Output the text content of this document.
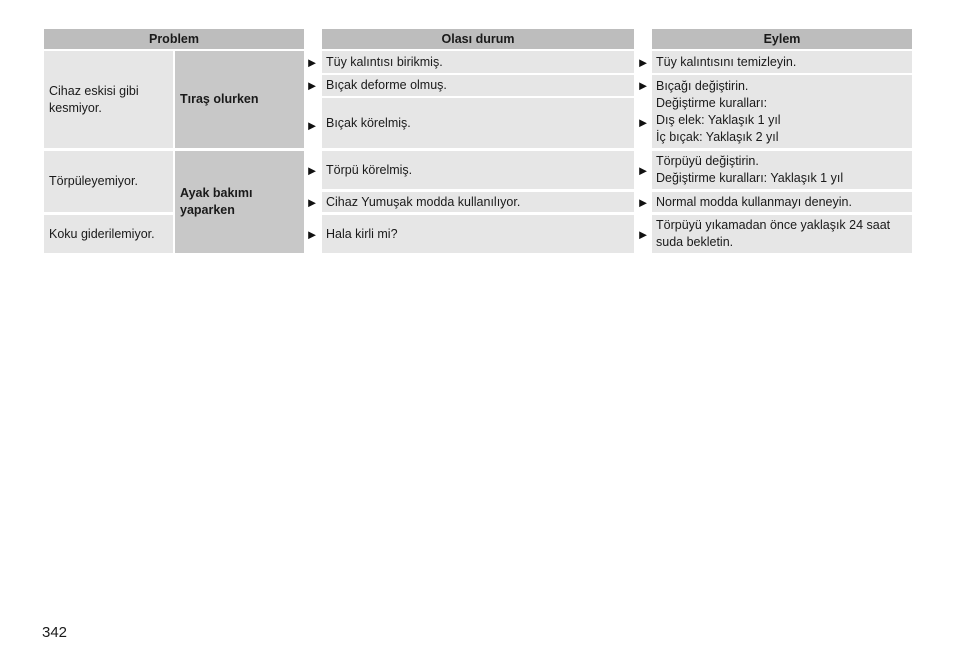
Problem	Olası durum	Eylem
Cihaz eskisi gibi kesmiyor.
Törpüleyemiyor.
Koku giderilemiyor.
Tıraş olurken
Ayak bakımı yaparken
►
►
►
►
►
►
Tüy kalıntısı birikmiş.
Bıçak deforme olmuş.
Bıçak körelmiş.
Törpü körelmiş.
Cihaz Yumuşak modda kullanılıyor.
Hala kirli mi?
►
►
►
►
►
►
Tüy kalıntısını temizleyin.
Bıçağı değiştirin.
Değiştirme kuralları:
Dış elek: Yaklaşık 1 yıl
İç bıçak: Yaklaşık 2 yıl
Törpüyü değiştirin.
Değiştirme kuralları: Yaklaşık 1 yıl
Normal modda kullanmayı deneyin.
Törpüyü yıkamadan önce yaklaşık 24 saat
suda bekletin.
342
